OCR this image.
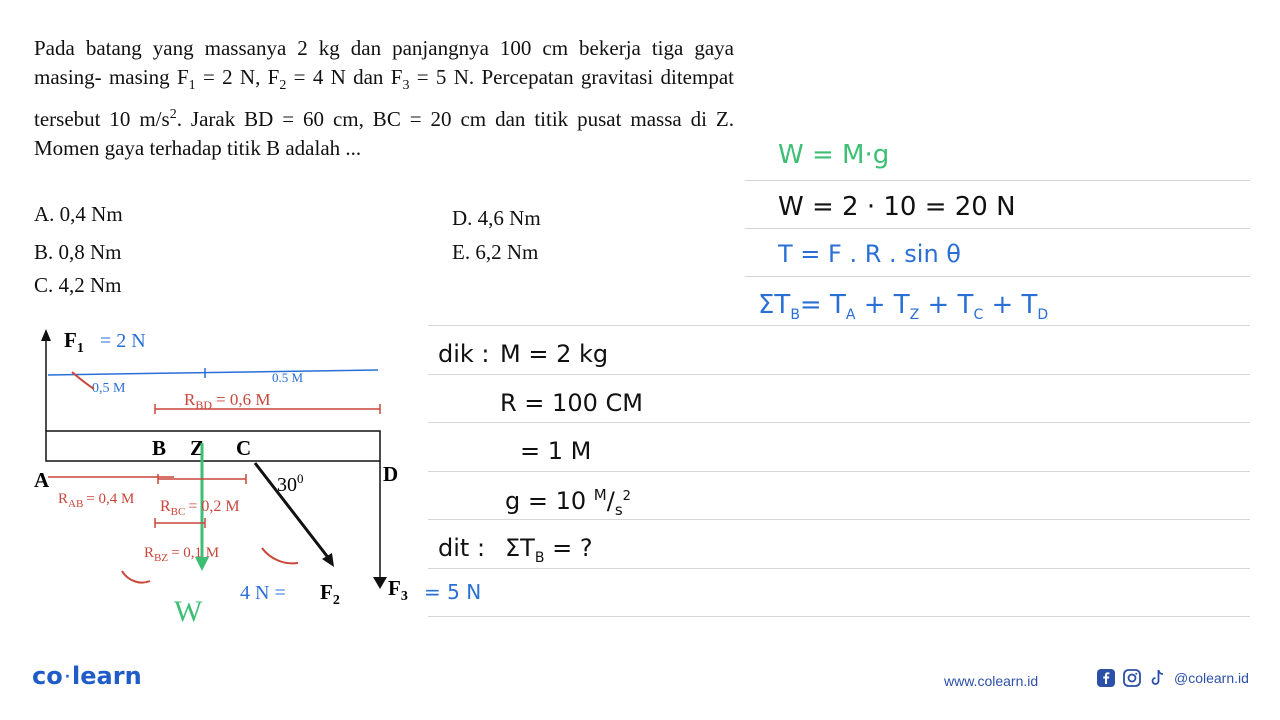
Pada batang yang massanya 2 kg dan panjangnya 100 cm bekerja tiga gaya masing- masing $F_1 = 2$ N, $F_2 = 4$ N dan $F_3 = 5$ N. Percepatan gravitasi ditempat tersebut 10 $m/s^2$. Jarak BD = 60 cm, BC = 20 cm dan titik pusat massa di Z. Momen gaya terhadap titik B adalah ...
A. 0,4 Nm
B. 0,8 Nm
C. 4,2 Nm
D. 4,6 Nm
E. 6,2 Nm
$F_1 = 2$ N
0,5 M
0.5 M
$R_{BD} = 0,6$ M
B Z C
A	D
$30^0$
W
$R_{AB} = 0,4$ M $R_{BC} = 0,2$ M
$R_{BZ} = 0,1$ M
4 $N = F_2$
$F_3 = 5$ N
dik : M = 2 kg
R = 100 CM
= 1 M
g = 10 $^M/_s^2$
dit : $\Sigma T_B$ = ?
W = M·g
W = 2 · 10 = 20 N
T = F . R . sin θ
$\Sigma T_B= T_A + T_Z + T_C + T_D$
co ·learn	www.colearn.id	@colearn.id
